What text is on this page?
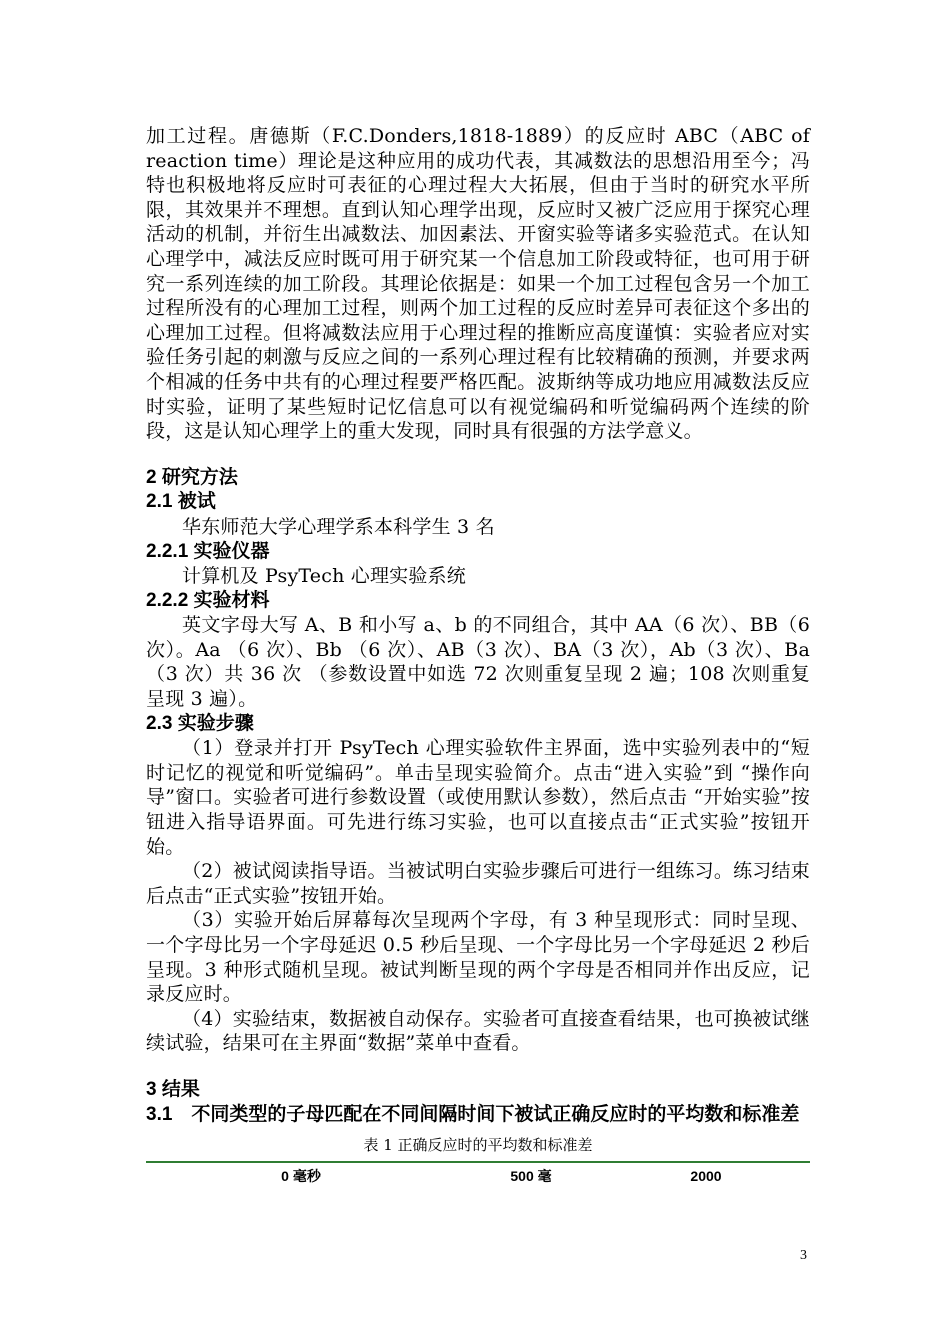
加工过程。唐德斯（F.C.Donders,1818-1889）的反应时 ABC（ABC of reaction time）理论是这种应用的成功代表，其减数法的思想沿用至今；冯特也积极地将反应时可表征的心理过程大大拓展，但由于当时的研究水平所限，其效果并不理想。直到认知心理学出现，反应时又被广泛应用于探究心理活动的机制，并衍生出减数法、加因素法、开窗实验等诸多实验范式。在认知心理学中，减法反应时既可用于研究某一个信息加工阶段或特征，也可用于研究一系列连续的加工阶段。其理论依据是：如果一个加工过程包含另一个加工过程所没有的心理加工过程，则两个加工过程的反应时差异可表征这个多出的心理加工过程。但将减数法应用于心理过程的推断应高度谨慎：实验者应对实验任务引起的刺激与反应之间的一系列心理过程有比较精确的预测，并要求两个相减的任务中共有的心理过程要严格匹配。波斯纳等成功地应用减数法反应时实验，证明了某些短时记忆信息可以有视觉编码和听觉编码两个连续的阶段，这是认知心理学上的重大发现，同时具有很强的方法学意义。

2 研究方法

2.1 被试

华东师范大学心理学系本科学生 3 名

2.2.1 实验仪器

计算机及 PsyTech 心理实验系统

2.2.2 实验材料

英文字母大写 A、B 和小写 a、b 的不同组合，其中 AA（6 次）、BB（6 次）。Aa （6 次）、Bb （6 次）、AB（3 次）、BA（3 次），Ab（3 次）、Ba （3 次）共 36 次 （参数设置中如选 72 次则重复呈现 2 遍；108 次则重复呈现 3 遍）。

2.3 实验步骤

（1）登录并打开 PsyTech 心理实验软件主界面，选中实验列表中的“短时记忆的视觉和听觉编码”。单击呈现实验简介。点击“进入实验”到 “操作向导”窗口。实验者可进行参数设置（或使用默认参数），然后点击 “开始实验”按钮进入指导语界面。可先进行练习实验，也可以直接点击“正式实验”按钮开始。

（2）被试阅读指导语。当被试明白实验步骤后可进行一组练习。练习结束后点击“正式实验”按钮开始。

（3）实验开始后屏幕每次呈现两个字母，有 3 种呈现形式：同时呈现、一个字母比另一个字母延迟 0.5 秒后呈现、一个字母比另一个字母延迟 2 秒后呈现。3 种形式随机呈现。被试判断呈现的两个字母是否相同并作出反应，记录反应时。

（4）实验结束，数据被自动保存。实验者可直接查看结果，也可换被试继续试验，结果可在主界面“数据”菜单中查看。

3 结果

3.1　不同类型的子母匹配在不同间隔时间下被试正确反应时的平均数和标准差

表 1 正确反应时的平均数和标准差

0 毫秒	500 毫	2000
3
